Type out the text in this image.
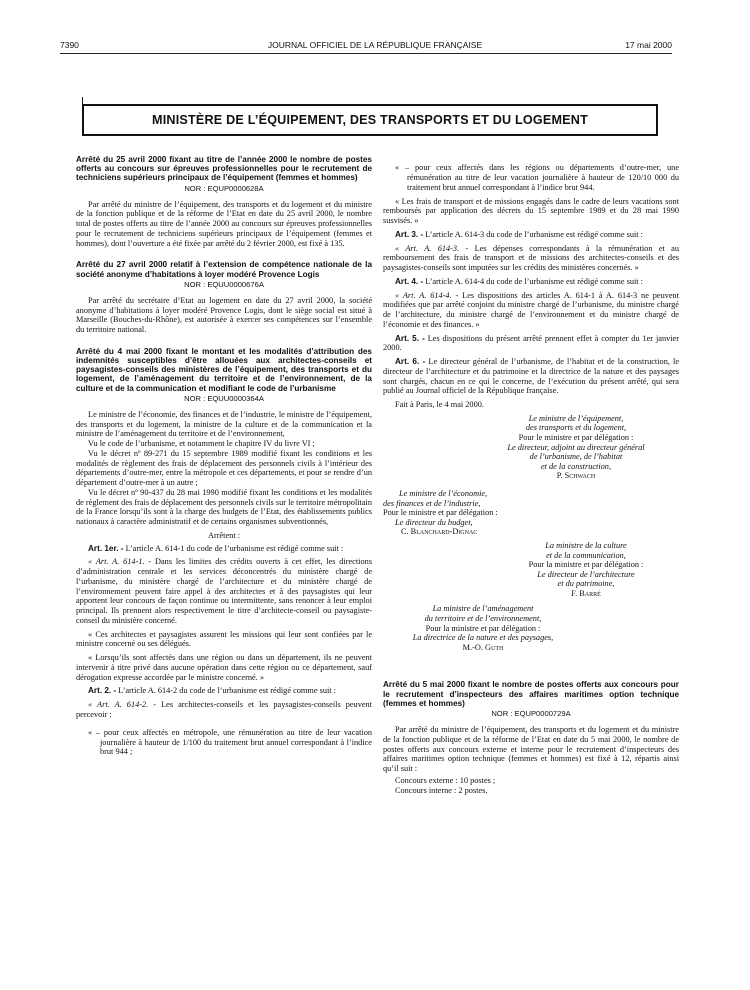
7390	JOURNAL OFFICIEL DE LA RÉPUBLIQUE FRANÇAISE	17 mai 2000
MINISTÈRE DE L’ÉQUIPEMENT, DES TRANSPORTS ET DU LOGEMENT

Arrêté du 25 avril 2000 fixant au titre de l’année 2000 le nombre de postes offerts au concours sur épreuves professionnelles pour le recrutement de techniciens supérieurs principaux de l’équipement (femmes et hommes)

NOR : EQUP0000628A

Par arrêté du ministre de l’équipement, des transports et du logement et du ministre de la fonction publique et de la réforme de l’Etat en date du 25 avril 2000, le nombre total de postes offerts au titre de l’année 2000 au concours sur épreuves professionnelles pour le recrutement de techniciens supérieurs principaux de l’équipement (femmes et hommes), dont l’ouverture a été fixée par arrêté du 2 février 2000, est fixé à 135.

Arrêté du 27 avril 2000 relatif à l’extension de compétence nationale de la société anonyme d’habitations à loyer modéré Provence Logis

NOR : EQUU0000676A

Par arrêté du secrétaire d’Etat au logement en date du 27 avril 2000, la société anonyme d’habitations à loyer modéré Provence Logis, dont le siège social est situé à Marseille (Bouches-du-Rhône), est autorisée à exercer ses compétences sur l’ensemble du territoire national.

Arrêté du 4 mai 2000 fixant le montant et les modalités d’attribution des indemnités susceptibles d’être allouées aux architectes-conseils et paysagistes-conseils des ministères de l’équipement, des transports et du logement, de l’aménagement du territoire et de l’environnement, de la culture et de la communication et modifiant le code de l’urbanisme

NOR : EQUU0000364A

Le ministre de l’économie, des finances et de l’industrie, le ministre de l’équipement, des transports et du logement, la ministre de la culture et de la communication et la ministre de l’aménagement du territoire et de l’environnement,

Vu le code de l’urbanisme, et notamment le chapitre IV du livre VI ;

Vu le décret nº 89-271 du 15 septembre 1989 modifié fixant les conditions et les modalités de règlement des frais de déplacement des personnels civils à l’intérieur des départements d’outre-mer, entre la métropole et ces départements, et pour se rendre d’un département d’outre-mer à un autre ;

Vu le décret nº 90-437 du 28 mai 1990 modifié fixant les conditions et les modalités de règlement des frais de déplacement des personnels civils sur le territoire métropolitain de la France lorsqu’ils sont à la charge des budgets de l’Etat, des établissements publics nationaux à caractère administratif et de certains organismes subventionnés,

Arrêtent :

Art. 1er. - L’article A. 614-1 du code de l’urbanisme est rédigé comme suit :

« Art. A. 614-1. - Dans les limites des crédits ouverts à cet effet, les directions d’administration centrale et les services déconcentrés du ministère chargé de l’urbanisme, du ministère chargé de l’architecture et du ministère chargé de l’environnement peuvent faire appel à des architectes et à des paysagistes qui leur apportent leur concours de façon continue ou intermittente, sans renoncer à leur emploi principal. Ils prennent alors respectivement le titre d’architecte-conseil ou paysagiste-conseil du ministère concerné.

« Ces architectes et paysagistes assurent les missions qui leur sont confiées par le ministre concerné ou ses délégués.

« Lorsqu’ils sont affectés dans une région ou dans un département, ils ne peuvent intervenir à titre privé dans aucune opération dans cette région ou ce département, sauf dérogation expresse accordée par le ministre concerné. »

Art. 2. - L’article A. 614-2 du code de l’urbanisme est rédigé comme suit :

« Art. A. 614-2. - Les architectes-conseils et les paysagistes-conseils peuvent percevoir :

« – pour ceux affectés en métropole, une rémunération au titre de leur vacation journalière à hauteur de 1/100 du traitement brut annuel correspondant à l’indice brut 944 ;

« – pour ceux affectés dans les régions ou départements d’outre-mer, une rémunération au titre de leur vacation journalière à hauteur de 120/10 000 du traitement brut annuel correspondant à l’indice brut 944.

« Les frais de transport et de missions engagés dans le cadre de leurs vacations sont remboursés par application des décrets du 15 septembre 1989 et du 28 mai 1990 susvisés. »

Art. 3. - L’article A. 614-3 du code de l’urbanisme est rédigé comme suit :

« Art. A. 614-3. - Les dépenses correspondants à la rémunération et au remboursement des frais de transport et de missions des architectes-conseils et des paysagistes-conseils sont imputées sur les crédits des ministères concernés. »

Art. 4. - L’article A. 614-4 du code de l’urbanisme est rédigé comme suit :

« Art. A. 614-4. - Les dispositions des articles A. 614-1 à A. 614-3 ne peuvent modifiées que par arrêté conjoint du ministre chargé de l’urbanisme, du ministre chargé de l’architecture, du ministre chargé de l’environnement et du ministre chargé de l’économie et des finances. »

Art. 5. - Les dispositions du présent arrêté prennent effet à compter du 1er janvier 2000.

Art. 6. - Le directeur général de l’urbanisme, de l’habitat et de la construction, le directeur de l’architecture et du patrimoine et la directrice de la nature et des paysages sont chargés, chacun en ce qui le concerne, de l’exécution du présent arrêté, qui sera publié au Journal officiel de la République française.

Fait à Paris, le 4 mai 2000.

Le ministre de l’équipement,
des transports et du logement,
Pour le ministre et par délégation :
Le directeur, adjoint au directeur général
de l’urbanisme, de l’habitat
et de la construction,
P. Schwach
Le ministre de l’économie,
des finances et de l’industrie,
Pour le ministre et par délégation :
Le directeur du budget,
C. Blanchard-Dignac
La ministre de la culture
et de la communication,
Pour la ministre et par délégation :
Le directeur de l’architecture
et du patrimoine,
F. Barré
La ministre de l’aménagement
du territoire et de l’environnement,
Pour la ministre et par délégation :
La directrice de la nature et des paysages,
M.-O. Guth

Arrêté du 5 mai 2000 fixant le nombre de postes offerts aux concours pour le recrutement d’inspecteurs des affaires maritimes option technique (femmes et hommes)

NOR : EQUP0000729A

Par arrêté du ministre de l’équipement, des transports et du logement et du ministre de la fonction publique et de la réforme de l’Etat en date du 5 mai 2000, le nombre de postes offerts aux concours externe et interne pour le recrutement d’inspecteurs des affaires maritimes option technique (femmes et hommes) est fixé à 12, répartis ainsi qu’il suit :

Concours externe : 10 postes ;
Concours interne : 2 postes.
